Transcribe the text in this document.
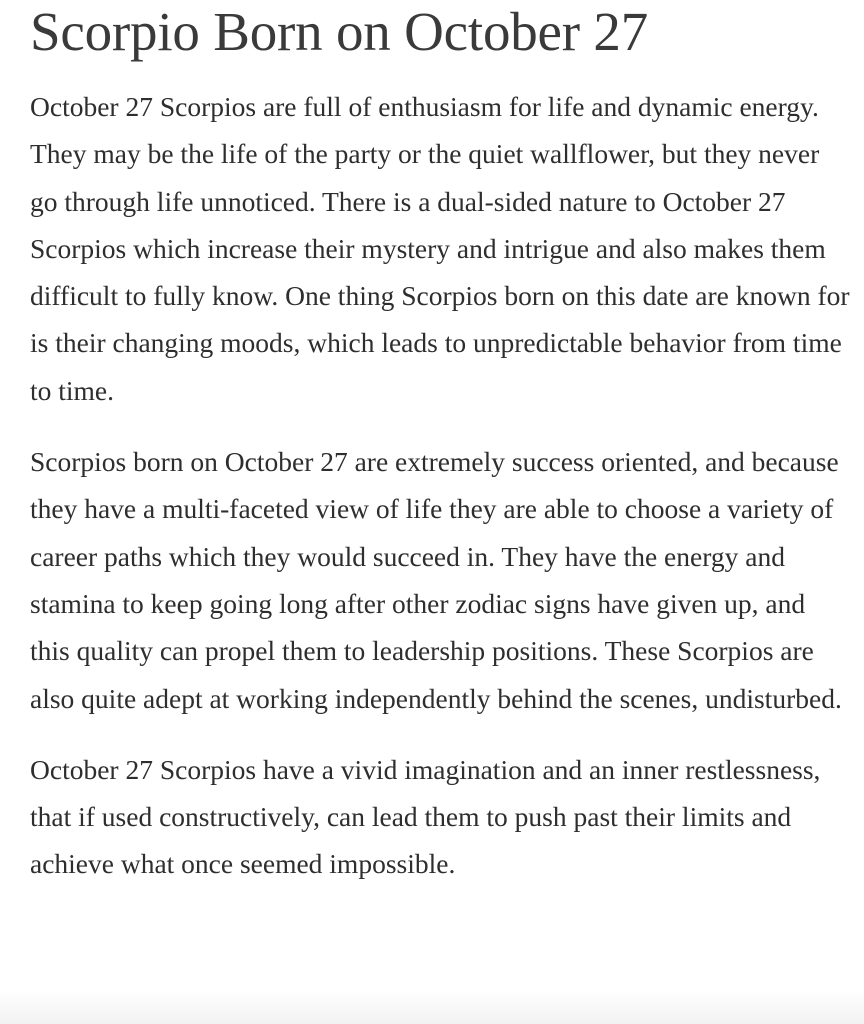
Scorpio Born on October 27

October 27 Scorpios are full of enthusiasm for life and dynamic energy. They may be the life of the party or the quiet wallflower, but they never go through life unnoticed. There is a dual-sided nature to October 27 Scorpios which increase their mystery and intrigue and also makes them difficult to fully know. One thing Scorpios born on this date are known for is their changing moods, which leads to unpredictable behavior from time to time.

Scorpios born on October 27 are extremely success oriented, and because they have a multi-faceted view of life they are able to choose a variety of career paths which they would succeed in. They have the energy and stamina to keep going long after other zodiac signs have given up, and this quality can propel them to leadership positions. These Scorpios are also quite adept at working independently behind the scenes, undisturbed.

October 27 Scorpios have a vivid imagination and an inner restlessness, that if used constructively, can lead them to push past their limits and achieve what once seemed impossible.
